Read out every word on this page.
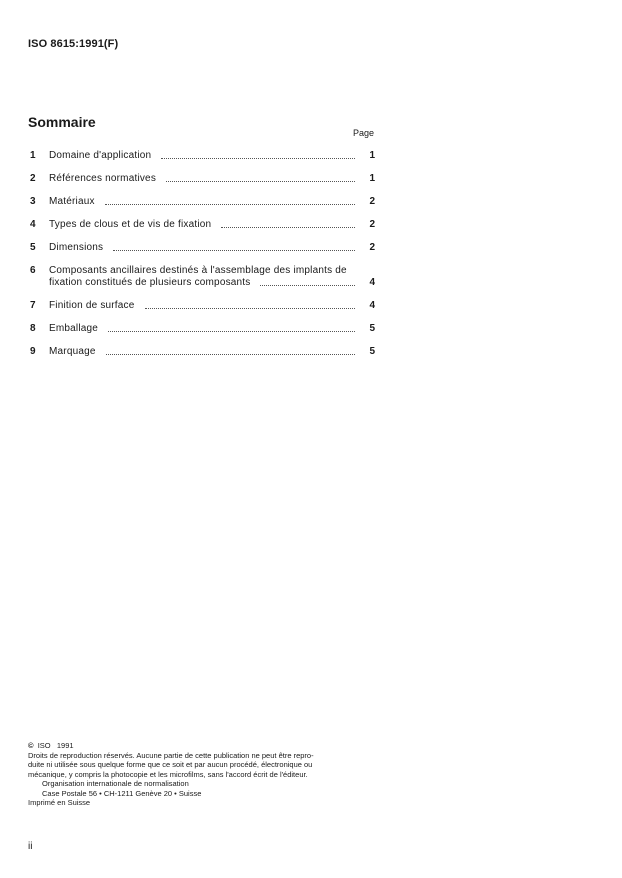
ISO 8615:1991(F)
Sommaire
Page
1	Domaine d'application	1
2	Références normatives	1
3	Matériaux	2
4	Types de clous et de vis de fixation	2
5	Dimensions	2
6	Composants ancillaires destinés à l'assemblage des implants de
fixation constitués de plusieurs composants	4
7	Finition de surface	4
8	Emballage	5
9	Marquage	5

© ISO 1991

Droits de reproduction réservés. Aucune partie de cette publication ne peut être repro-

duite ni utilisée sous quelque forme que ce soit et par aucun procédé, électronique ou

mécanique, y compris la photocopie et les microfilms, sans l'accord écrit de l'éditeur.

Organisation internationale de normalisation

Case Postale 56 • CH-1211 Genève 20 • Suisse

Imprimé en Suisse

ii
